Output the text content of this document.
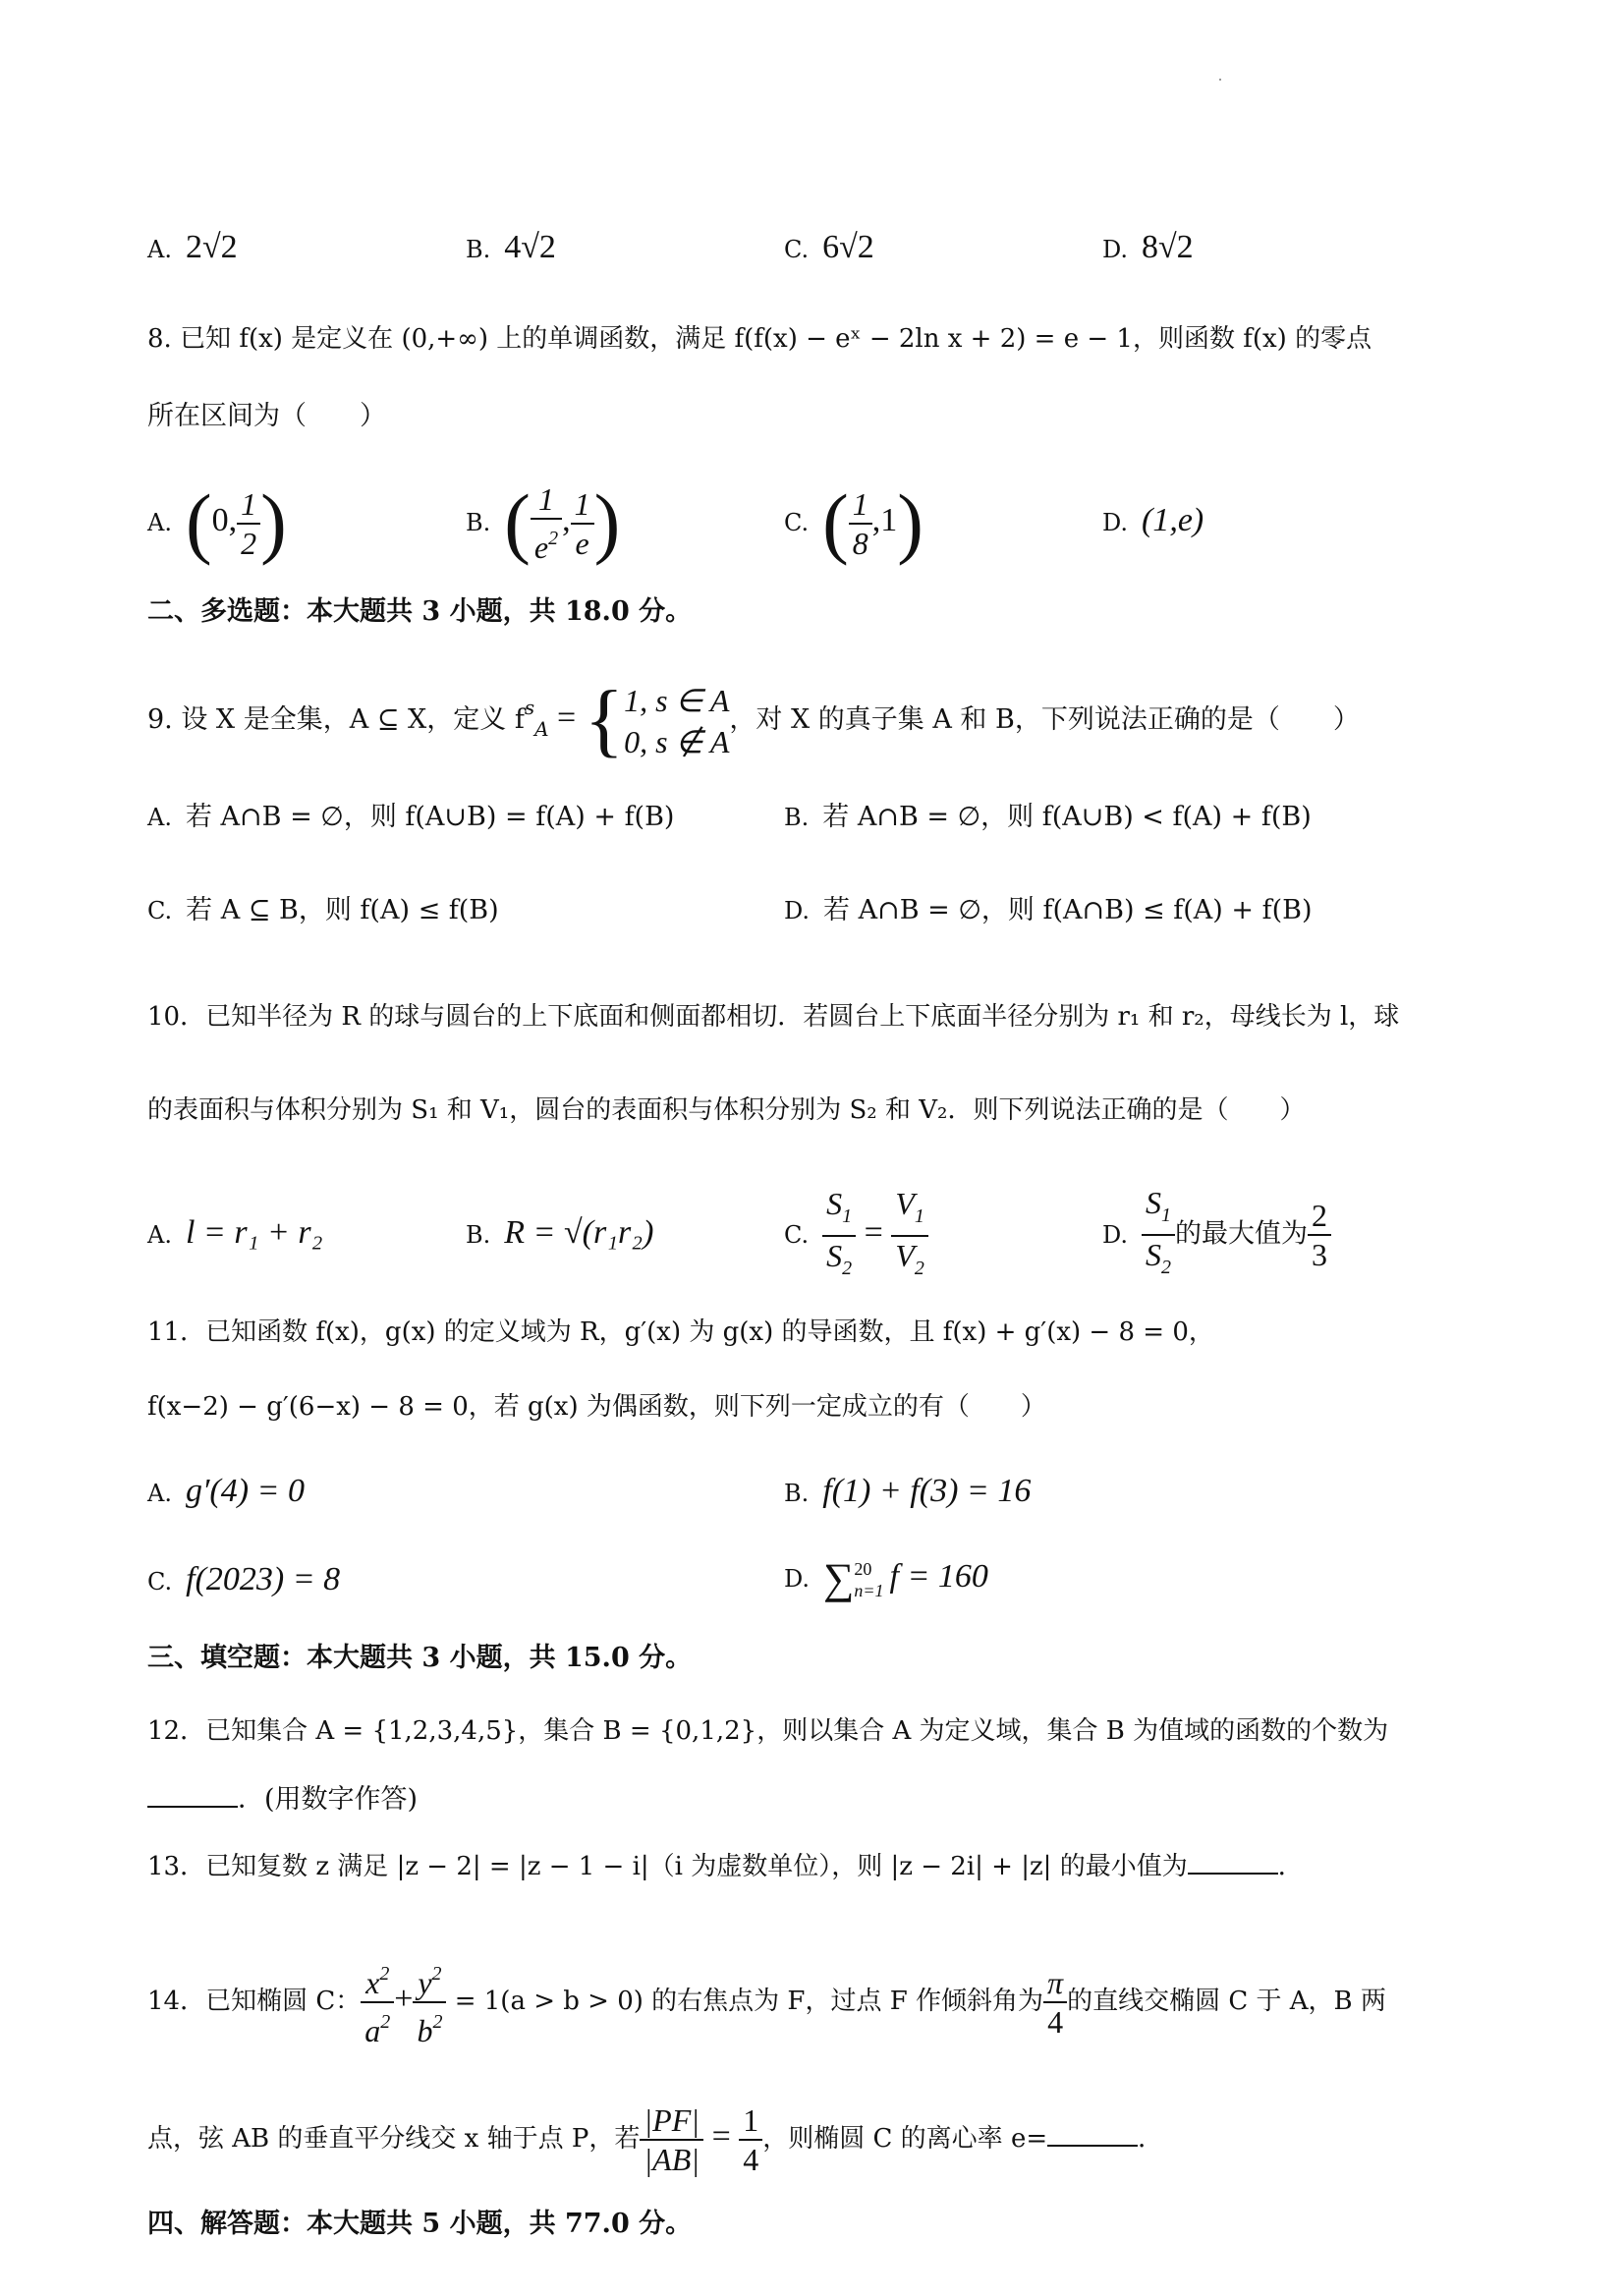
A. 2√2	B. 4√2	C. 6√2	D. 8√2
8. 已知 f(x) 是定义在 (0,+∞) 上的单调函数，满足 f(f(x) − eˣ − 2ln x + 2) = e − 1，则函数 f(x) 的零点
所在区间为（　　）
A. (0, $\frac{1}{2}$ )	B. ( $\frac{1}{e^2}$ , $\frac{1}{e}$ )	C. ( $\frac{1}{8} ,1$)	D. (1,e)
二、多选题：本大题共 3 小题，共 18.0 分。
9. 设 X 是全集，A ⊆ X，定义 $f^s_A$ = { 1, s ∈ A
0, s ∉ A
，对 X 的真子集 A 和 B，下列说法正确的是（　　）
A. 若 A∩B = ∅，则 f(A∪B) = f(A) + f(B)	B. 若 A∩B = ∅，则 f(A∪B) < f(A) + f(B)
C. 若 A ⊆ B，则 f(A) ≤ f(B)	D. 若 A∩B = ∅，则 f(A∩B) ≤ f(A) + f(B)
10．已知半径为 R 的球与圆台的上下底面和侧面都相切．若圆台上下底面半径分别为 r₁ 和 r₂，母线长为 l，球
的表面积与体积分别为 S₁ 和 V₁，圆台的表面积与体积分别为 S₂ 和 V₂．则下列说法正确的是（　　）
A. l = r₁ + r₂	B. R = √(r₁r₂)	C. $\frac{S_1}{S_2} = \frac{V_1}{V_2}$	D. $\frac{S_1}{S_2}$ 的最大值为 $\frac{2}{3}$
11．已知函数 f(x)，g(x) 的定义域为 R，g′(x) 为 g(x) 的导函数，且 f(x) + g′(x) − 8 = 0，
f(x−2) − g′(6−x) − 8 = 0，若 g(x) 为偶函数，则下列一定成立的有（　　）
A. g′(4) = 0	B. f(1) + f(3) = 16
C. f(2023) = 8	D. ∑ 20
n=1 f = 160
三、填空题：本大题共 3 小题，共 15.0 分。
12．已知集合 A = {1,2,3,4,5}，集合 B = {0,1,2}，则以集合 A 为定义域，集合 B 为值域的函数的个数为
．(用数字作答)
13．已知复数 z 满足 |z − 2| = |z − 1 − i|（i 为虚数单位），则 |z − 2i| + |z| 的最小值为	．
14．已知椭圆 C： $\frac{x^2}{a^2} + \frac{y^2}{b^2} = 1(a > b > 0)$ 的右焦点为 F，过点 F 作倾斜角为 $\frac{\pi}{4}$ 的直线交椭圆 C 于 A，B 两
点，弦 AB 的垂直平分线交 x 轴于点 P，若 $\frac{|PF|}{|AB|} = \frac{1}{4}$ ，则椭圆 C 的离心率 e=	．
四、解答题：本大题共 5 小题，共 77.0 分。
